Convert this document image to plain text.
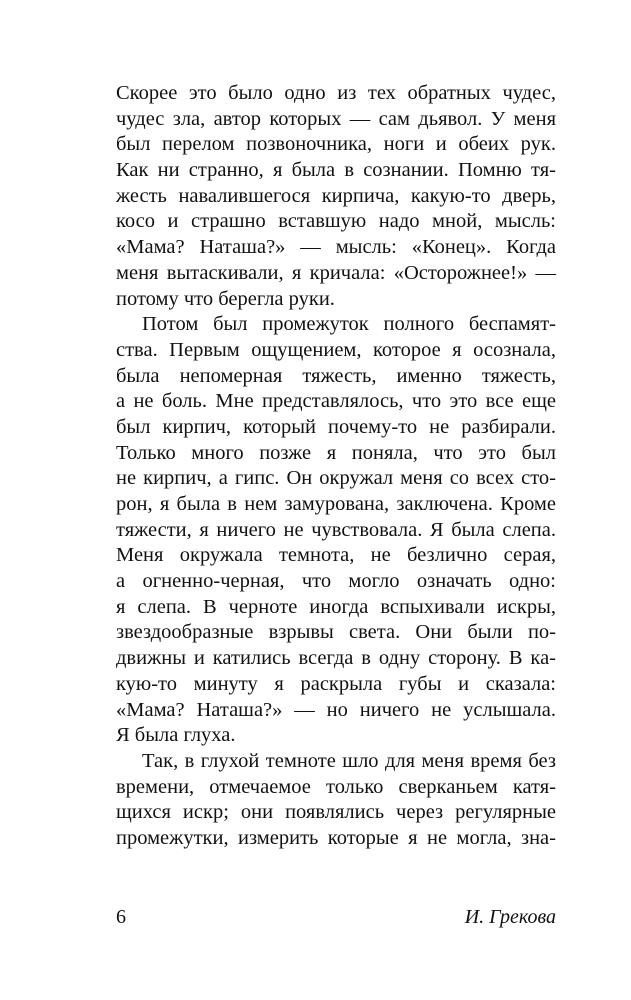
Скорее это было одно из тех обратных чудес,
чудес зла, автор которых — сам дьявол. У меня
был перелом позвоночника, ноги и обеих рук.
Как ни странно, я была в сознании. Помню тя-
жесть навалившегося кирпича, какую-то дверь,
косо и страшно вставшую надо мной, мысль:
«Мама? Наташа?» — мысль: «Конец». Когда
меня вытаскивали, я кричала: «Осторожнее!» —
потому что берегла руки.
Потом был промежуток полного беспамят-
ства. Первым ощущением, которое я осознала,
была непомерная тяжесть, именно тяжесть,
а не боль. Мне представлялось, что это все еще
был кирпич, который почему-то не разбирали.
Только много позже я поняла, что это был
не кирпич, а гипс. Он окружал меня со всех сто-
рон, я была в нем замурована, заключена. Кроме
тяжести, я ничего не чувствовала. Я была слепа.
Меня окружала темнота, не безлично серая,
а огненно-черная, что могло означать одно:
я слепа. В черноте иногда вспыхивали искры,
звездообразные взрывы света. Они были по-
движны и катились всегда в одну сторону. В ка-
кую-то минуту я раскрыла губы и сказала:
«Мама? Наташа?» — но ничего не услышала.
Я была глуха.
Так, в глухой темноте шло для меня время без
времени, отмечаемое только сверканьем катя-
щихся искр; они появлялись через регулярные
промежутки, измерить которые я не могла, зна-
6	И. Грекова
